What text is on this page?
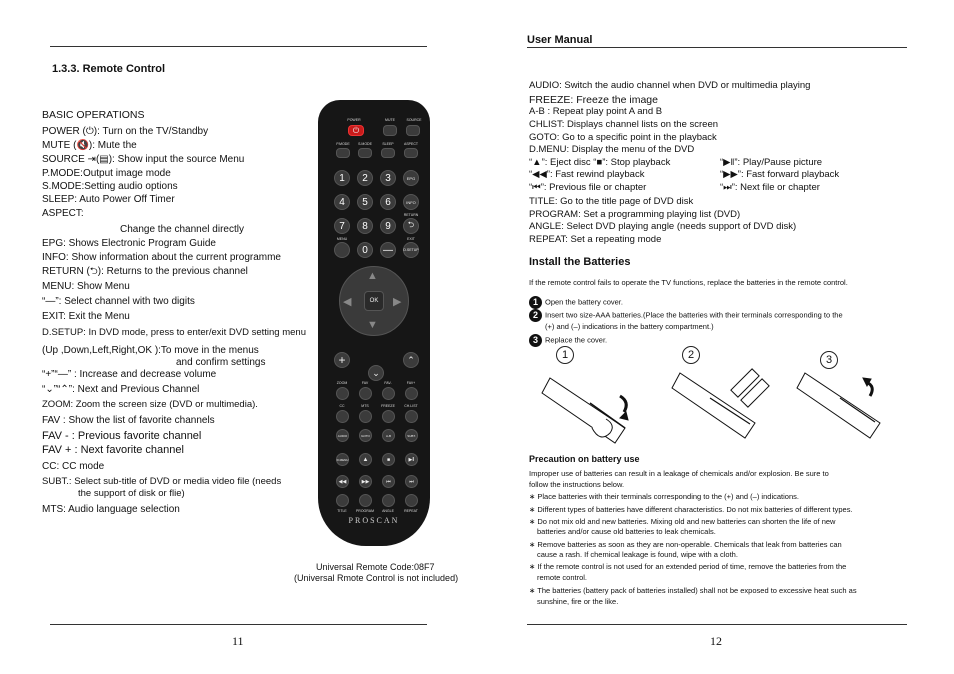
1.3.3. Remote Control
BASIC OPERATIONS
POWER (⏻): Turn on the TV/Standby
MUTE (🔇): Mute the
SOURCE ⇥(▤): Show input the source Menu
P.MODE:Output image mode
S.MODE:Setting audio options
SLEEP: Auto Power Off Timer
ASPECT:
Change the channel directly
EPG: Shows Electronic Program Guide
INFO: Show information about the current programme
RETURN (⮌): Returns to the previous channel
MENU: Show Menu
“—”: Select channel with two digits
EXIT: Exit the Menu
D.SETUP: In DVD mode, press to enter/exit DVD setting menu
(Up ,Down,Left,Right,OK ):To move in the menus
and confirm settings
“+”“—” : Increase and decrease volume
“⌄”“⌃”: Next and Previous Channel
ZOOM: Zoom the screen size (DVD or multimedia).
FAV : Show the list of favorite channels
FAV - : Previous favorite channel
FAV + : Next favorite channel
CC: CC mode
SUBT.: Select sub-title of DVD or media video file (needs
the support of disk or flie)
MTS: Audio language selection
POWER	MUTE	SOURCE
⏻
P.MODE	S.MODE	SLEEP	ASPECT
1	2	3	EPG
4	5	6	INFO
RETURN
7	8	9	⮌
MENU	EXIT
0	—	D.SETUP
▲
▼
◀	▶
OK
+	⌃
⌄
ZOOM	FAV	FAV-	FAV+
CC	MTS	FREEZE	CH.LIST
AUDIO	GOTO	A-B	SUBT.
D.MENU	▲	■	▶‖
◀◀	▶▶	⏮	⏭
TITLE	PROGRAM	ANGLE	REPEAT
PROSCAN
Universal Remote Code:08F7
(Universal Rmote Control is not included)
11
User Manual
AUDIO: Switch the audio channel when DVD or multimedia playing
FREEZE: Freeze the image
A-B : Repeat play point A and B
CHLIST: Displays channel lists on the screen
GOTO: Go to a specific point in the playback
D.MENU: Display the menu of the DVD
“▲”: Eject disc “■”: Stop playback	“▶‖”: Play/Pause picture
“◀◀”: Fast rewind playback	“▶▶”: Fast forward playback
“⏮”: Previous file or chapter	“⏭”: Next file or chapter
TITLE: Go to the title page of DVD disk
PROGRAM: Set a programming playing list (DVD)
ANGLE: Select DVD playing angle (needs support of DVD disk)
REPEAT: Set a repeating mode
Install the Batteries
If the remote control fails to operate the TV functions, replace the batteries in the remote control.
1 Open the battery cover.
2 Insert two size-AAA batteries.(Place the batteries with their terminals corresponding to the
(+) and (–) indications in the battery compartment.)
3 Replace the cover.
1	2	3
Precaution on battery use
Improper use of batteries can result in a leakage of chemicals and/or explosion. Be sure to
follow the instructions below.
∗ Place batteries with their terminals corresponding to the (+) and (–) indications.
∗ Different types of batteries have different characteristics. Do not mix batteries of different types.
∗ Do not mix old and new batteries. Mixing old and new batteries can shorten the life of new
batteries and/or cause old batteries to leak chemicals.
∗ Remove batteries as soon as they are non-operable. Chemicals that leak from batteries can
cause a rash. If chemical leakage is found, wipe with a cloth.
∗ If the remote control is not used for an extended period of time, remove the batteries from the
remote control.
∗ The batteries (battery pack of batteries installed) shall not be exposed to excessive heat such as
sunshine, fire or the like.
12
